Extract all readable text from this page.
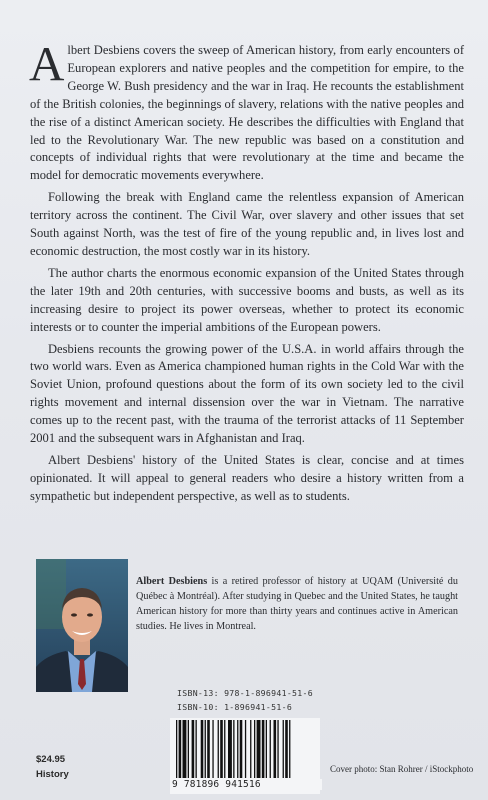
Albert Desbiens covers the sweep of American history, from early encounters of European explorers and native peoples and the competition for empire, to the George W. Bush presidency and the war in Iraq. He recounts the establishment of the British colonies, the beginnings of slavery, relations with the native peoples and the rise of a distinct American society. He describes the difficulties with England that led to the Revolutionary War. The new republic was based on a constitution and concepts of individual rights that were revolutionary at the time and became the model for democratic movements everywhere.

Following the break with England came the relentless expansion of American territory across the continent. The Civil War, over slavery and other issues that set South against North, was the test of fire of the young republic and, in lives lost and economic destruction, the most costly war in its history.

The author charts the enormous economic expansion of the United States through the later 19th and 20th centuries, with successive booms and busts, as well as its increasing desire to project its power overseas, whether to protect its economic interests or to counter the imperial ambitions of the European powers.

Desbiens recounts the growing power of the U.S.A. in world affairs through the two world wars. Even as America championed human rights in the Cold War with the Soviet Union, profound questions about the form of its own society led to the civil rights movement and internal dissension over the war in Vietnam. The narrative comes up to the recent past, with the trauma of the terrorist attacks of 11 September 2001 and the subsequent wars in Afghanistan and Iraq.

Albert Desbiens' history of the United States is clear, concise and at times opinionated. It will appeal to general readers who desire a history written from a sympathetic but independent perspective, as well as to students.

Albert Desbiens is a retired professor of history at UQAM (Université du Québec à Montréal). After studying in Quebec and the United States, he taught American history for more than thirty years and continues active in American studies. He lives in Montreal.
ISBN-13: 978-1-896941-51-6
ISBN-10: 1-896941-51-6
9 781896 941516
$24.95
History	Cover photo: Stan Rohrer / iStockphoto
